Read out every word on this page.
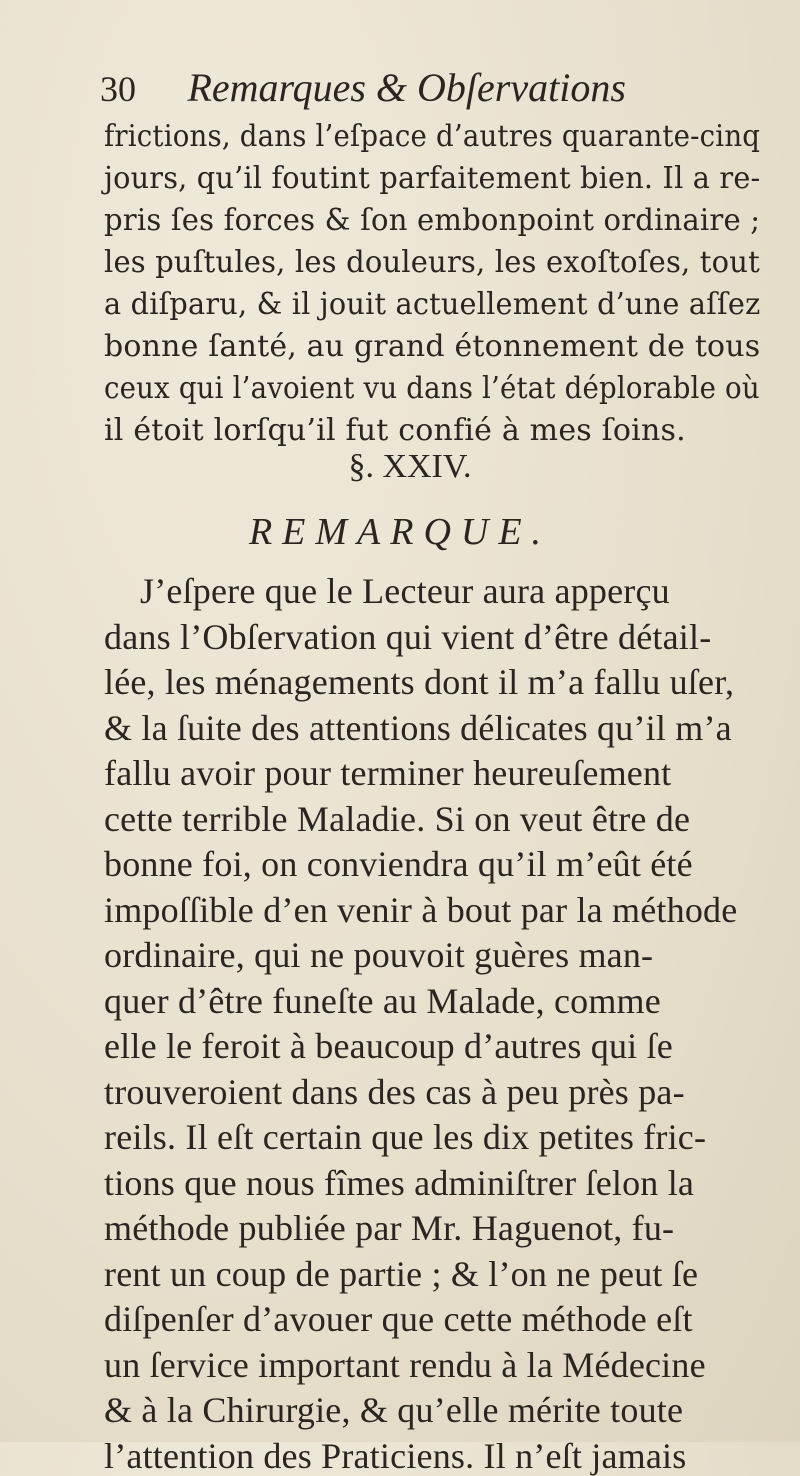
30 Remarques & Obſervations
frictions, dans l’eſpace d’autres quarante-cinq
jours, qu’il foutint parfaitement bien. Il a re-
pris ſes forces & ſon embonpoint ordinaire ;
les puſtules, les douleurs, les exoſtoſes, tout
a diſparu, & il jouit actuellement d’une aſſez
bonne ſanté, au grand étonnement de tous
ceux qui l’avoient vu dans l’état déplorable où
il étoit lorſqu’il fut confié à mes ſoins.
§. XXIV.
REMARQUE.
J’eſpere que le Lecteur aura apperçu
dans l’Obſervation qui vient d’être détail-
lée, les ménagements dont il m’a fallu uſer,
& la ſuite des attentions délicates qu’il m’a
fallu avoir pour terminer heureuſement
cette terrible Maladie. Si on veut être de
bonne foi, on conviendra qu’il m’eût été
impoſſible d’en venir à bout par la méthode
ordinaire, qui ne pouvoit guères man-
quer d’être funeſte au Malade, comme
elle le feroit à beaucoup d’autres qui ſe
trouveroient dans des cas à peu près pa-
reils. Il eſt certain que les dix petites fric-
tions que nous fîmes adminiſtrer ſelon la
méthode publiée par Mr. Haguenot, fu-
rent un coup de partie ; & l’on ne peut ſe
diſpenſer d’avouer que cette méthode eſt
un ſervice important rendu à la Médecine
& à la Chirurgie, & qu’elle mérite toute
l’attention des Praticiens. Il n’eſt jamais
